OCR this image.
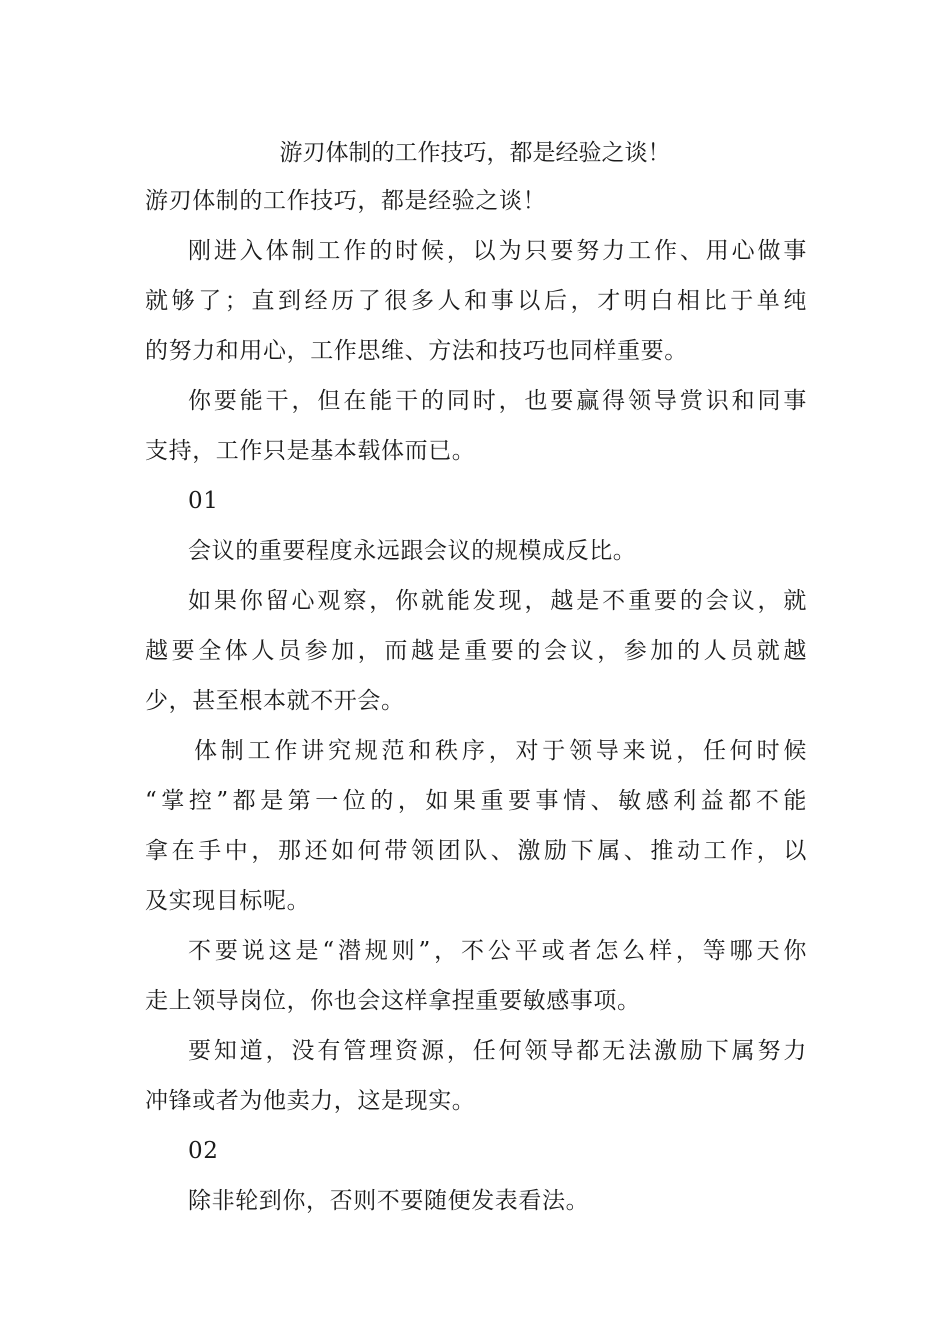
游刃体制的工作技巧，都是经验之谈！
游刃体制的工作技巧，都是经验之谈！
刚进入体制工作的时候，以为只要努力工作、用心做事
就够了；直到经历了很多人和事以后，才明白相比于单纯
的努力和用心，工作思维、方法和技巧也同样重要。
你要能干，但在能干的同时，也要赢得领导赏识和同事
支持，工作只是基本载体而已。
01
会议的重要程度永远跟会议的规模成反比。
如果你留心观察，你就能发现，越是不重要的会议，就
越要全体人员参加，而越是重要的会议，参加的人员就越
少，甚至根本就不开会。
体制工作讲究规范和秩序，对于领导来说，任何时候
“掌控”都是第一位的，如果重要事情、敏感利益都不能
拿在手中，那还如何带领团队、激励下属、推动工作，以
及实现目标呢。
不要说这是“潜规则”，不公平或者怎么样，等哪天你
走上领导岗位，你也会这样拿捏重要敏感事项。
要知道，没有管理资源，任何领导都无法激励下属努力
冲锋或者为他卖力，这是现实。
02
除非轮到你，否则不要随便发表看法。
